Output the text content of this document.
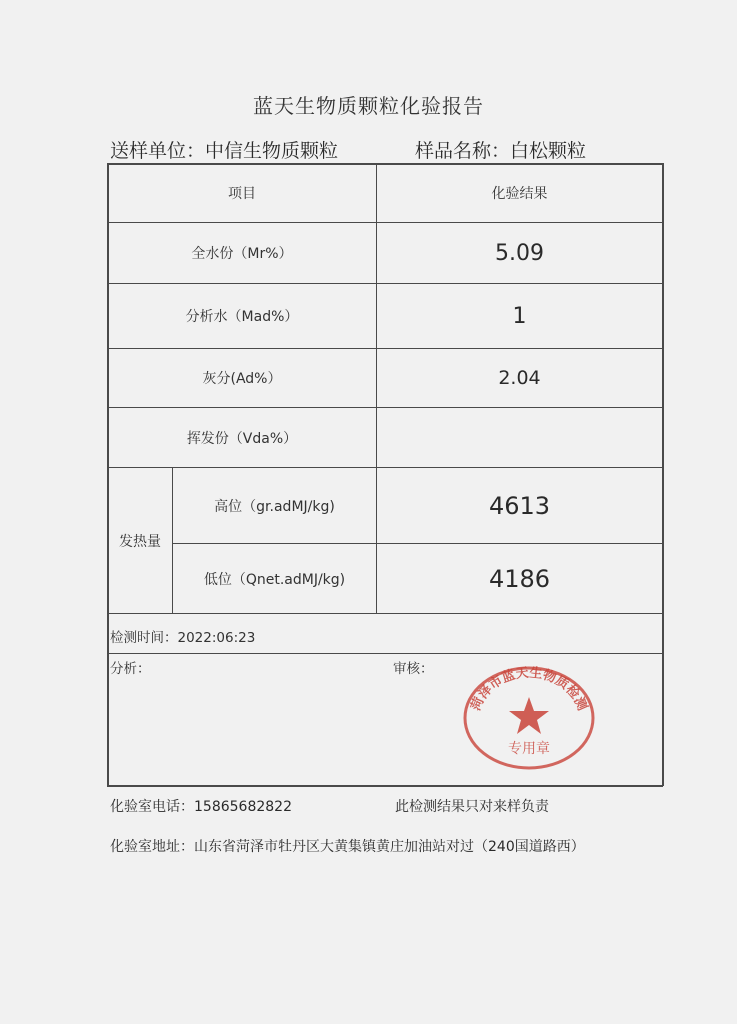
蓝天生物质颗粒化验报告
送样单位：中信生物质颗粒	样品名称：白松颗粒
项目	化验结果
全水份（Mr%）	5.09
分析水（Mad%）	1
灰分(Ad%）	2.04
挥发份（Vda%）
发热量
高位（gr.adMJ/kg)	4613
低位（Qnet.adMJ/kg)	4186
检测时间：2022:06:23
分析：	审核：
菏泽市蓝天生物质检测
专用章
化验室电话：15865682822	此检测结果只对来样负责
化验室地址：山东省菏泽市牡丹区大黄集镇黄庄加油站对过（240国道路西）
